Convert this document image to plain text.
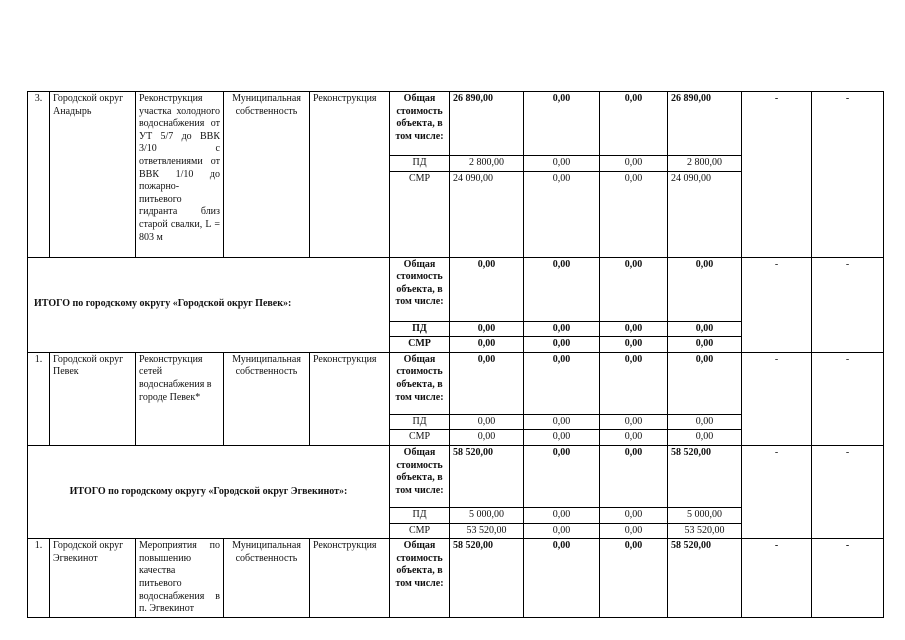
3.	Городской округ Анадырь	Реконструкция участка холодного водоснабжения от УТ 5/7 до ВВК 3/10 с ответвлениями от ВВК 1/10 до пожарно-питьевого гидранта близ старой свалки, L = 803 м	Муниципальная собственность	Реконструкция	Общая стоимость объекта, в том числе:	26 890,00	0,00	0,00	26 890,00	-	-
					ПД	2 800,00	0,00	0,00	2 800,00		
					СМР	24 090,00	0,00	0,00	24 090,00		
ИТОГО по городскому округу «Городской округ Певек»:					Общая стоимость объекта, в том числе:	0,00	0,00	0,00	0,00	-	-
					ПД	0,00	0,00	0,00	0,00		
					СМР	0,00	0,00	0,00	0,00		
1.	Городской округ Певек	Реконструкция сетей водоснабжения в городе Певек*	Муниципальная собственность	Реконструкция	Общая стоимость объекта, в том числе:	0,00	0,00	0,00	0,00	-	-
					ПД	0,00	0,00	0,00	0,00		
					СМР	0,00	0,00	0,00	0,00		
ИТОГО по городскому округу «Городской округ Эгвекинот»:					Общая стоимость объекта, в том числе:	58 520,00	0,00	0,00	58 520,00	-	-
					ПД	5 000,00	0,00	0,00	5 000,00		
					СМР	53 520,00	0,00	0,00	53 520,00		
1.	Городской округ Эгвекинот	Мероприятия по повышению качества питьевого водоснабжения в п. Эгвекинот	Муниципальная собственность	Реконструкция	Общая стоимость объекта, в том числе:	58 520,00	0,00	0,00	58 520,00	-	-
